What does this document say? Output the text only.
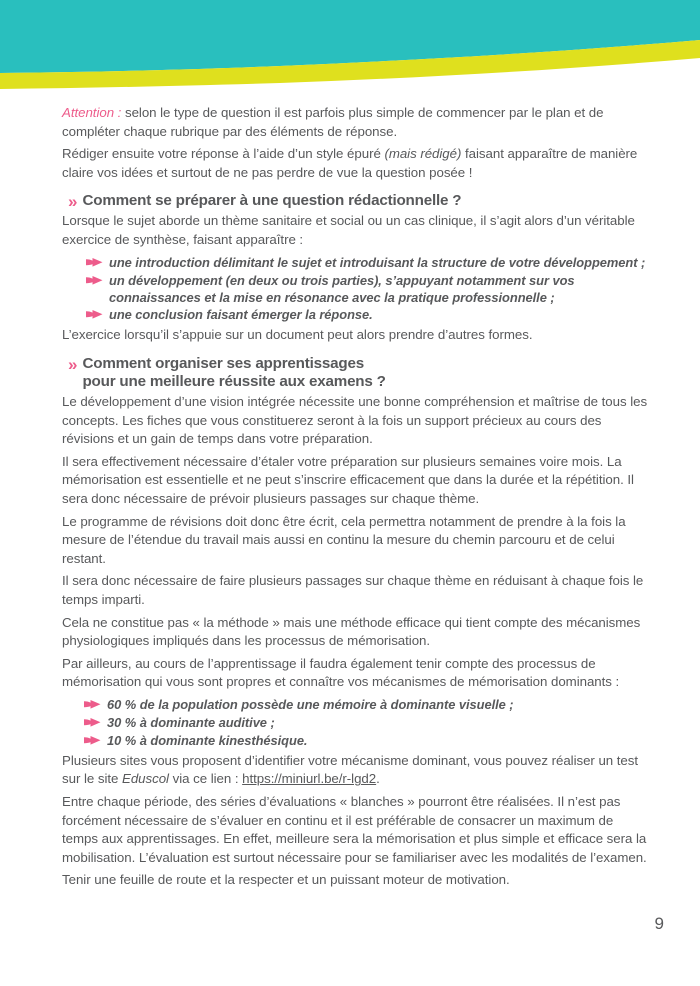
Attention : selon le type de question il est parfois plus simple de commencer par le plan et de compléter chaque rubrique par des éléments de réponse.

Rédiger ensuite votre réponse à l’aide d’un style épuré (mais rédigé) faisant apparaître de manière claire vos idées et surtout de ne pas perdre de vue la question posée !

» Comment se préparer à une question rédactionnelle ?

Lorsque le sujet aborde un thème sanitaire et social ou un cas clinique, il s’agit alors d’un véritable exercice de synthèse, faisant apparaître :

une introduction délimitant le sujet et introduisant la structure de votre développement ;
un développement (en deux ou trois parties), s’appuyant notamment sur vos connaissances et la mise en résonance avec la pratique professionnelle ;
une conclusion faisant émerger la réponse.

L’exercice lorsqu’il s’appuie sur un document peut alors prendre d’autres formes.

» Comment organiser ses apprentissages
pour une meilleure réussite aux examens ?

Le développement d’une vision intégrée nécessite une bonne compréhension et maîtrise de tous les concepts. Les fiches que vous constituerez seront à la fois un support précieux au cours des révisions et un gain de temps dans votre préparation.

Il sera effectivement nécessaire d’étaler votre préparation sur plusieurs semaines voire mois. La mémorisation est essentielle et ne peut s’inscrire efficacement que dans la durée et la répétition. Il sera donc nécessaire de prévoir plusieurs passages sur chaque thème.

Le programme de révisions doit donc être écrit, cela permettra notamment de prendre à la fois la mesure de l’étendue du travail mais aussi en continu la mesure du chemin parcouru et de celui restant.

Il sera donc nécessaire de faire plusieurs passages sur chaque thème en réduisant à chaque fois le temps imparti.

Cela ne constitue pas « la méthode » mais une méthode efficace qui tient compte des mécanismes physiologiques impliqués dans les processus de mémorisation.

Par ailleurs, au cours de l’apprentissage il faudra également tenir compte des processus de mémorisation qui vous sont propres et connaître vos mécanismes de mémorisation dominants :

60 % de la population possède une mémoire à dominante visuelle ;
30 % à dominante auditive ;
10 % à dominante kinesthésique.

Plusieurs sites vous proposent d’identifier votre mécanisme dominant, vous pouvez réaliser un test sur le site Eduscol via ce lien : https://miniurl.be/r-lgd2.

Entre chaque période, des séries d’évaluations « blanches » pourront être réalisées. Il n’est pas forcément nécessaire de s’évaluer en continu et il est préférable de consacrer un maximum de temps aux apprentissages. En effet, meilleure sera la mémorisation et plus simple et efficace sera la mobilisation. L’évaluation est surtout nécessaire pour se familiariser avec les modalités de l’examen.

Tenir une feuille de route et la respecter et un puissant moteur de motivation.

9
